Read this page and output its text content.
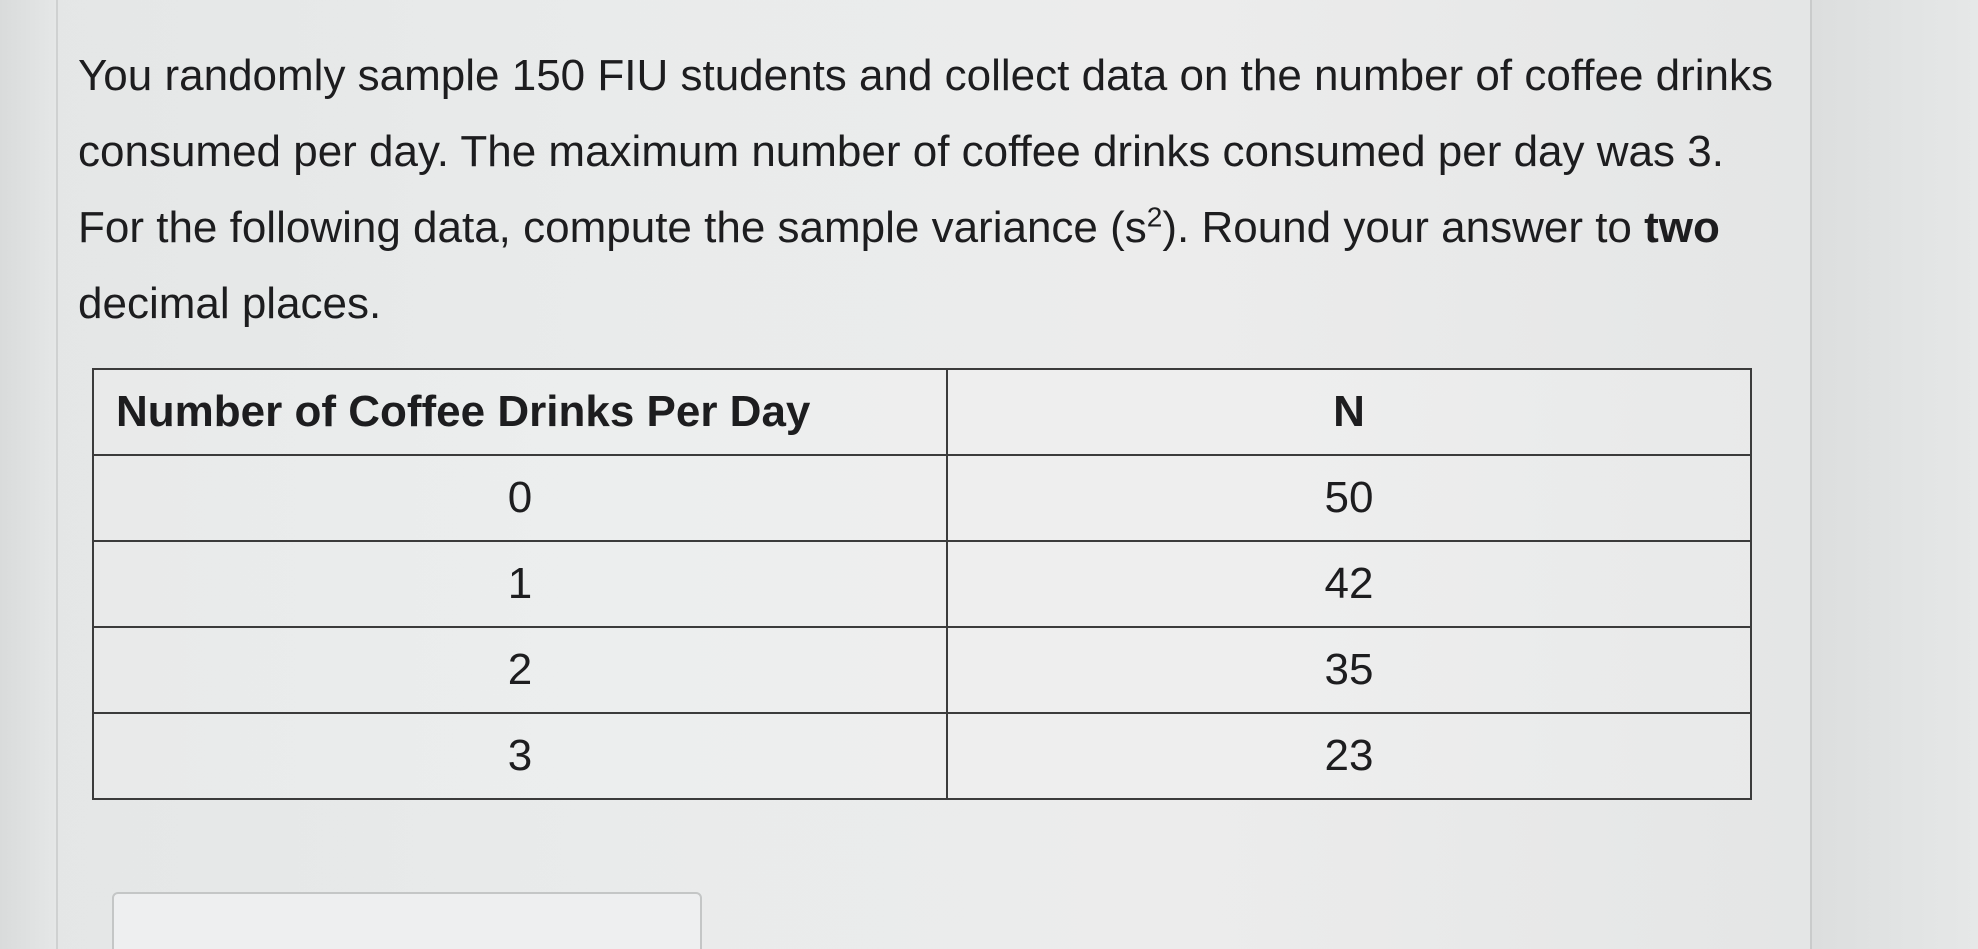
You randomly sample 150 FIU students and collect data on the number of coffee drinks consumed per day. The maximum number of coffee drinks consumed per day was 3. For the following data, compute the sample variance $(s^2)$. Round your answer to two decimal places.

Number of Coffee Drinks Per Day	N
0	50
1	42
2	35
3	23
